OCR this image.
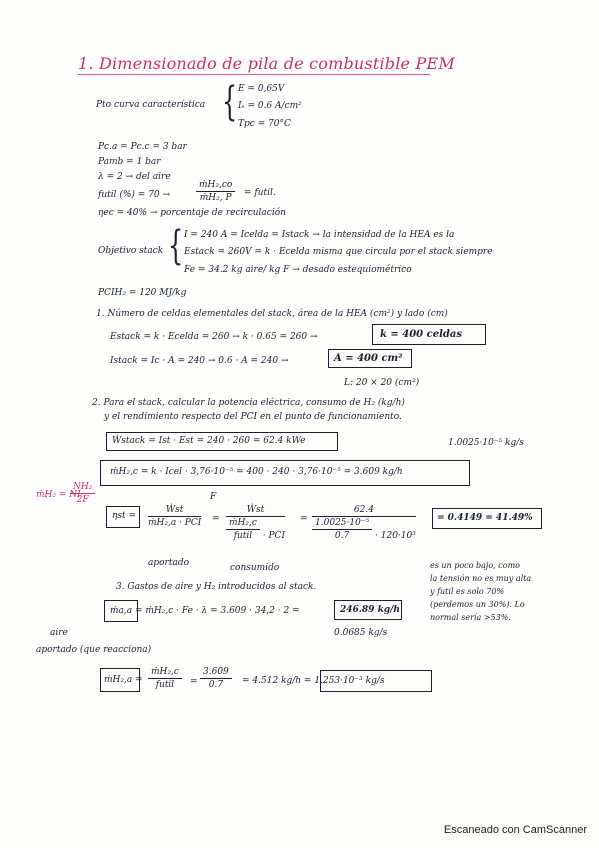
1. Dimensionado de pila de combustible PEM
Pto curva característica { E = 0,65V
Iₛ = 0.6 A/cm²
Tpc = 70°C
Pc.a = Pc.c = 3 bar
Pamb = 1 bar
λ = 2 → del aire
futil (%) = 70 →	$\frac{\text{ṁH₂,co}}{\text{ṁH₂, P}}$ = futil.
ηec = 40% → porcentaje de recirculación
Objetivo stack { I = 240 A = Icelda = Istack → la intensidad de la HEA es la
Estack = 260V = k · Ecelda misma que circula por el stack siempre
Fe = 34.2 kg aire/ kg F → desado estequiométrico
PCIH₂ = 120 MJ/kg
1. Número de celdas elementales del stack, área de la HEA (cm²) y lado (cm)
Estack = k · Ecelda = 260 → k · 0.65 = 260 →	k = 400 celdas
Istack = Ic · A = 240 → 0.6 · A = 240 →	A = 400 cm²
L: 20 × 20 (cm²)
2. Para el stack, calcular la potencia eléctrica, consumo de H₂ (kg/h)
y el rendimiento respecto del PCI en el punto de funcionamiento.
Ẇstack = Ist · Est = 240 · 260 = 62.4 kWe	1.0025·10⁻⁵ kg/s
ṁH₂,c = k · Icel · 3,76·10⁻⁵ = 400 · 240 · 3,76·10⁻⁵ = 3.609 kg/h
ṁH₂ = NI
$\frac{\text{NH₂}}{2F}$	F
ηst =
Ẇst
ṁH₂,a · PCI =
Ẇst
$\frac{\text{ṁH₂,c}}{\text{futil}}$ · PCI
= $\frac{62.4}{\frac{\text{1.0025·10⁻⁵}}{0.7} \cdot 120\cdot 10^3} = 0.4149 = 41.49\%$
aportado	consumido	es un poco bajo, como
la tensión no es muy alta
y futil es solo 70%
(perdemos un 30%). Lo
normal sería >53%.
3. Gastos de aire y H₂ introducidos al stack.
ṁa,a = ṁH₂,c · Fe · λ = 3.609 · 34,2 · 2 =	246.89 kg/h
0.0685 kg/s
aire
aportado (que reacciona)
ṁH₂,a =
ṁH₂,c
futil	= $\frac{3.609}{0.7} = 4.512$ kg/h = 1.253·10⁻³ kg/s
Escaneado con CamScanner
